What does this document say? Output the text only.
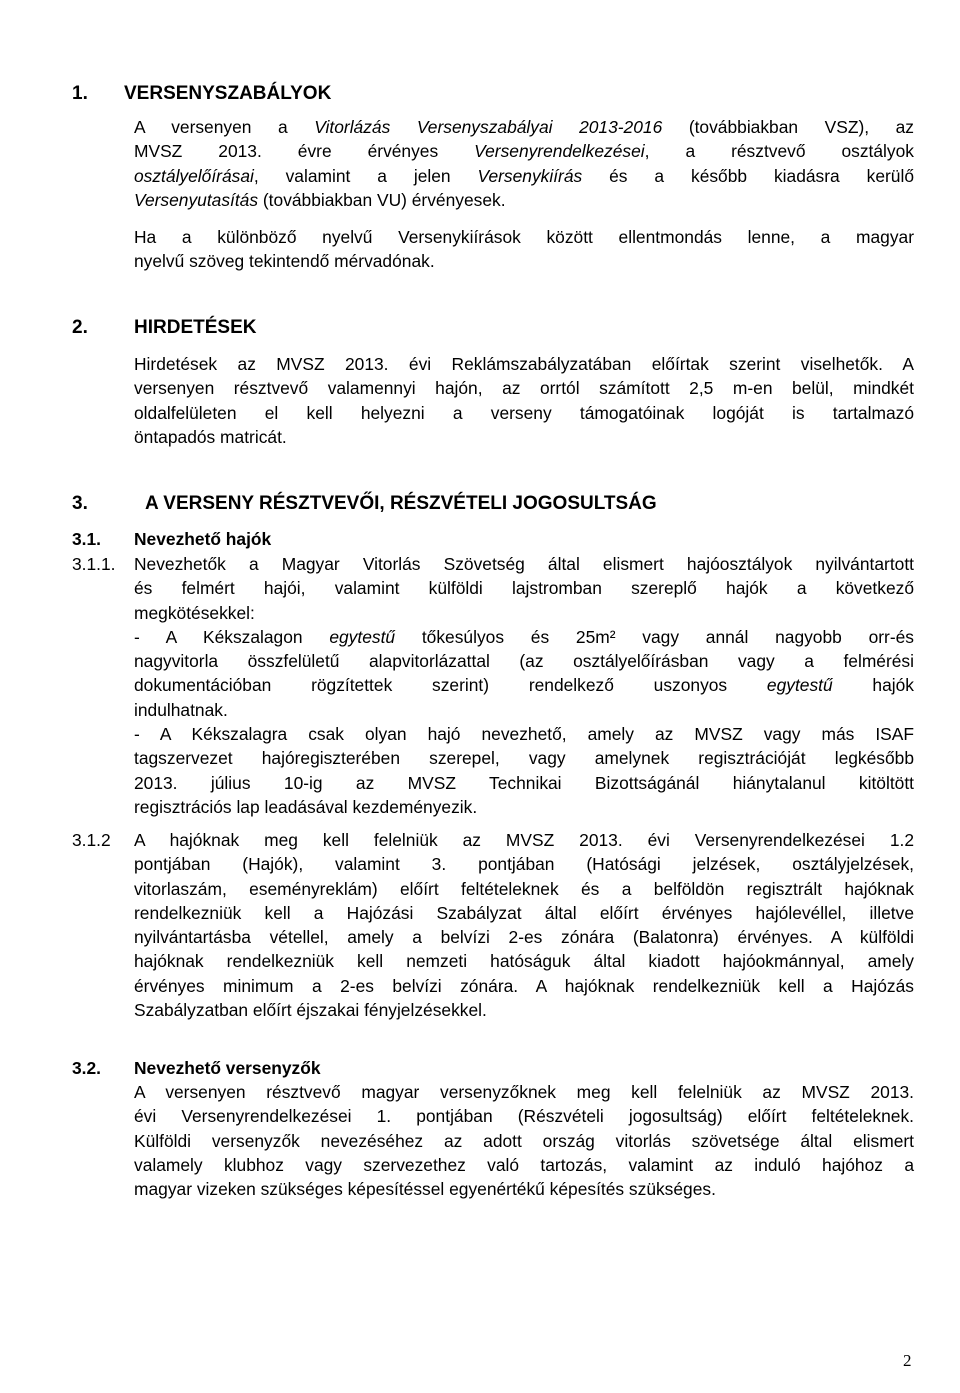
1. VERSENYSZABÁLYOK
A versenyen a Vitorlázás Versenyszabályai 2013-2016 (továbbiakban VSZ), az
MVSZ 2013. évre érvényes Versenyrendelkezései, a résztvevő osztályok
osztályelőírásai, valamint a jelen Versenykiírás és a később kiadásra kerülő
Versenyutasítás (továbbiakban VU) érvényesek.
Ha a különböző nyelvű Versenykiírások között ellentmondás lenne, a magyar
nyelvű szöveg tekintendő mérvadónak.
2. HIRDETÉSEK
Hirdetések az MVSZ 2013. évi Reklámszabályzatában előírtak szerint viselhetők. A
versenyen résztvevő valamennyi hajón, az orrtól számított 2,5 m-en belül, mindkét
oldalfelületen el kell helyezni a verseny támogatóinak logóját is tartalmazó
öntapadós matricát.
3.	A VERSENY RÉSZTVEVŐI, RÉSZVÉTELI JOGOSULTSÁG
3.1. Nevezhető hajók
3.1.1. Nevezhetők a Magyar Vitorlás Szövetség által elismert hajóosztályok nyilvántartott
és felmért hajói, valamint külföldi lajstromban szereplő hajók a következő
megkötésekkel:
- A Kékszalagon egytestű tőkesúlyos és 25m² vagy annál nagyobb orr-és
nagyvitorla összfelületű alapvitorlázattal (az osztályelőírásban vagy a felmérési
dokumentációban rögzítettek szerint) rendelkező uszonyos egytestű hajók
indulhatnak.
- A Kékszalagra csak olyan hajó nevezhető, amely az MVSZ vagy más ISAF
tagszervezet hajóregiszterében szerepel, vagy amelynek regisztrációját legkésőbb
2013. július 10-ig az MVSZ Technikai Bizottságánál hiánytalanul kitöltött
regisztrációs lap leadásával kezdeményezik.
3.1.2 A hajóknak meg kell felelniük az MVSZ 2013. évi Versenyrendelkezései 1.2
pontjában (Hajók), valamint 3. pontjában (Hatósági jelzések, osztályjelzések,
vitorlaszám, eseményreklám) előírt feltételeknek és a belföldön regisztrált hajóknak
rendelkezniük kell a Hajózási Szabályzat által előírt érvényes hajólevéllel, illetve
nyilvántartásba vétellel, amely a belvízi 2-es zónára (Balatonra) érvényes. A külföldi
hajóknak rendelkezniük kell nemzeti hatóságuk által kiadott hajóokmánnyal, amely
érvényes minimum a 2-es belvízi zónára. A hajóknak rendelkezniük kell a Hajózás
Szabályzatban előírt éjszakai fényjelzésekkel.
3.2. Nevezhető versenyzők
A versenyen résztvevő magyar versenyzőknek meg kell felelniük az MVSZ 2013.
évi Versenyrendelkezései 1. pontjában (Részvételi jogosultság) előírt feltételeknek.
Külföldi versenyzők nevezéséhez az adott ország vitorlás szövetsége által elismert
valamely klubhoz vagy szervezethez való tartozás, valamint az induló hajóhoz a
magyar vizeken szükséges képesítéssel egyenértékű képesítés szükséges.
2
